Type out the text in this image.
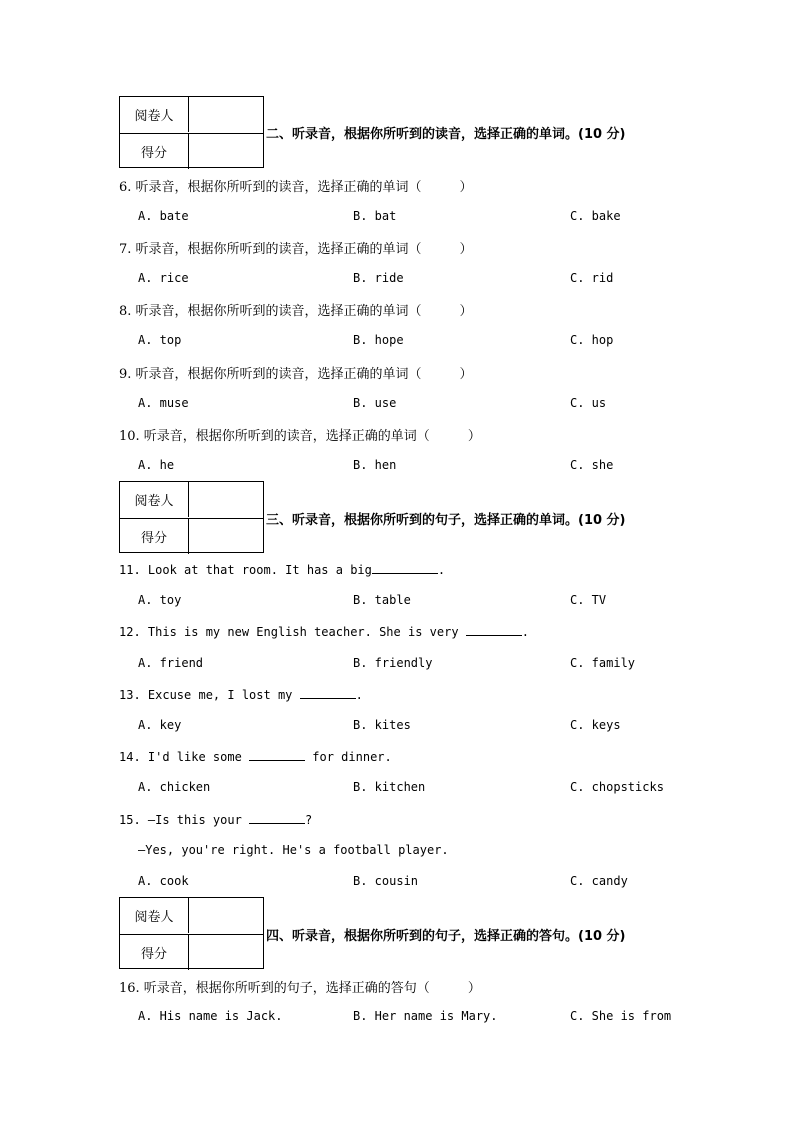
阅卷人
得分
二、听录音，根据你所听到的读音，选择正确的单词。(10 分)
6. 听录音，根据你所听到的读音，选择正确的单词（	）
A. bate	B. bat	C. bake
7. 听录音，根据你所听到的读音，选择正确的单词（	）
A. rice	B. ride	C. rid
8. 听录音，根据你所听到的读音，选择正确的单词（	）
A. top	B. hope	C. hop
9. 听录音，根据你所听到的读音，选择正确的单词（	）
A. muse	B. use	C. us
10. 听录音，根据你所听到的读音，选择正确的单词（	）
A. he	B. hen	C. she
阅卷人
得分
三、听录音，根据你所听到的句子，选择正确的单词。(10 分)
11. Look at that room. It has a big	.
A. toy	B. table	C. TV
12. This is my new English teacher. She is very	.
A. friend	B. friendly	C. family
13. Excuse me, I lost my	.
A. key	B. kites	C. keys
14. I'd like some	for dinner.
A. chicken	B. kitchen	C. chopsticks
15. —Is this your	?
—Yes, you're right. He's a football player.
A. cook	B. cousin	C. candy
阅卷人
得分
四、听录音，根据你所听到的句子，选择正确的答句。(10 分)
16. 听录音，根据你所听到的句子，选择正确的答句（	）
A. His name is Jack.	B. Her name is Mary.	C. She is from
